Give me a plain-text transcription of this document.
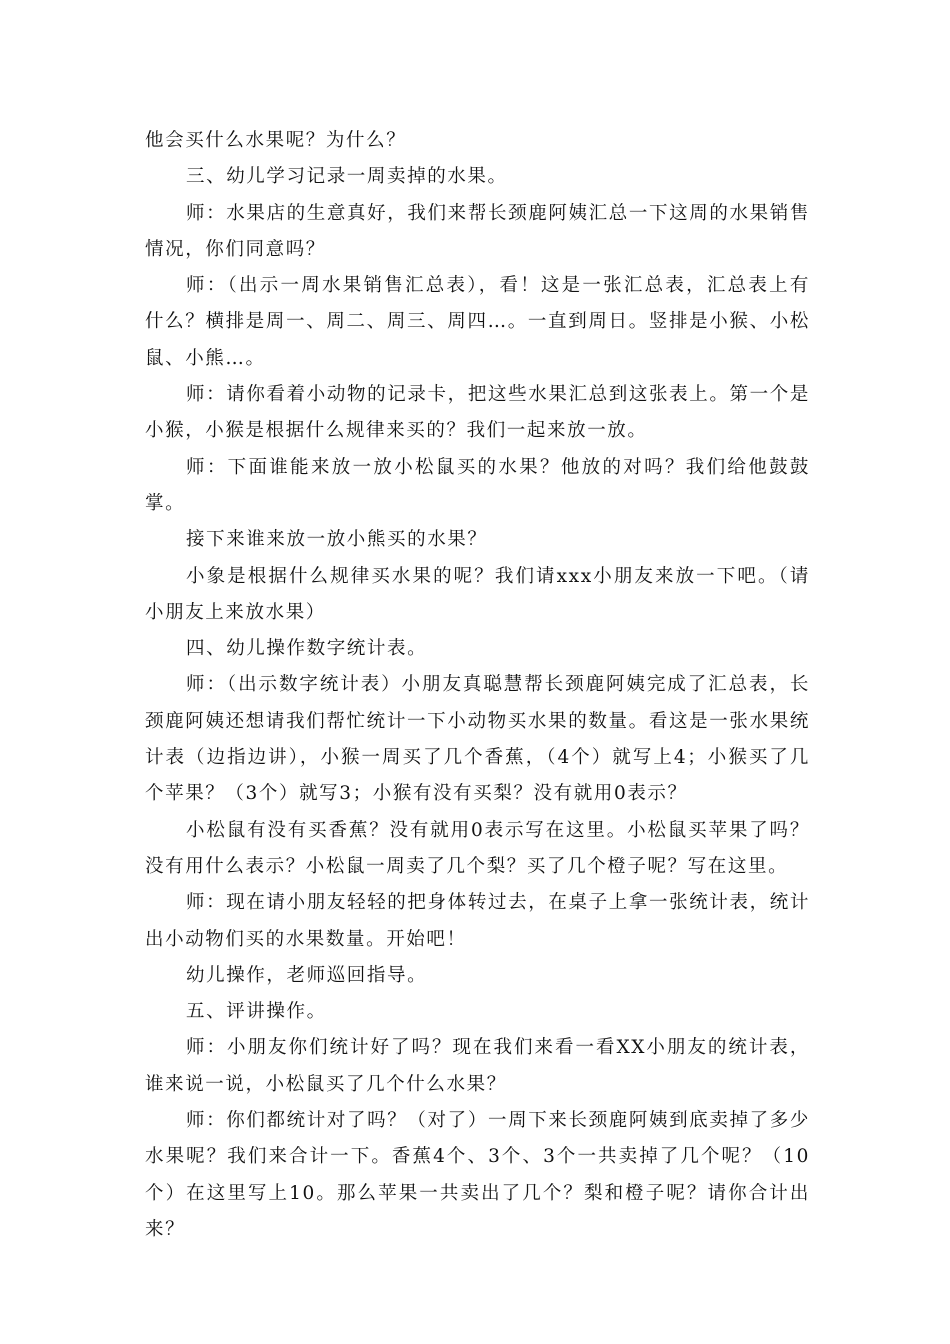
他会买什么水果呢？为什么？

三、幼儿学习记录一周卖掉的水果。

师：水果店的生意真好，我们来帮长颈鹿阿姨汇总一下这周的水果销售情况，你们同意吗？

师：（出示一周水果销售汇总表），看！这是一张汇总表，汇总表上有什么？横排是周一、周二、周三、周四…。一直到周日。竖排是小猴、小松鼠、小熊…。

师：请你看着小动物的记录卡，把这些水果汇总到这张表上。第一个是小猴，小猴是根据什么规律来买的？我们一起来放一放。

师：下面谁能来放一放小松鼠买的水果？他放的对吗？我们给他鼓鼓掌。

接下来谁来放一放小熊买的水果？

小象是根据什么规律买水果的呢？我们请xxx小朋友来放一下吧。（请小朋友上来放水果）

四、幼儿操作数字统计表。

师：（出示数字统计表）小朋友真聪慧帮长颈鹿阿姨完成了汇总表，长颈鹿阿姨还想请我们帮忙统计一下小动物买水果的数量。看这是一张水果统计表（边指边讲），小猴一周买了几个香蕉，（4个）就写上4；小猴买了几个苹果？（3个）就写3；小猴有没有买梨？没有就用0表示？

小松鼠有没有买香蕉？没有就用0表示写在这里。小松鼠买苹果了吗？没有用什么表示？小松鼠一周卖了几个梨？买了几个橙子呢？写在这里。

师：现在请小朋友轻轻的把身体转过去，在桌子上拿一张统计表，统计出小动物们买的水果数量。开始吧！

幼儿操作，老师巡回指导。

五、评讲操作。

师：小朋友你们统计好了吗？现在我们来看一看XX小朋友的统计表，谁来说一说，小松鼠买了几个什么水果？

师：你们都统计对了吗？（对了）一周下来长颈鹿阿姨到底卖掉了多少水果呢？我们来合计一下。香蕉4个、3个、3个一共卖掉了几个呢？（10个）在这里写上10。那么苹果一共卖出了几个？梨和橙子呢？请你合计出来？
